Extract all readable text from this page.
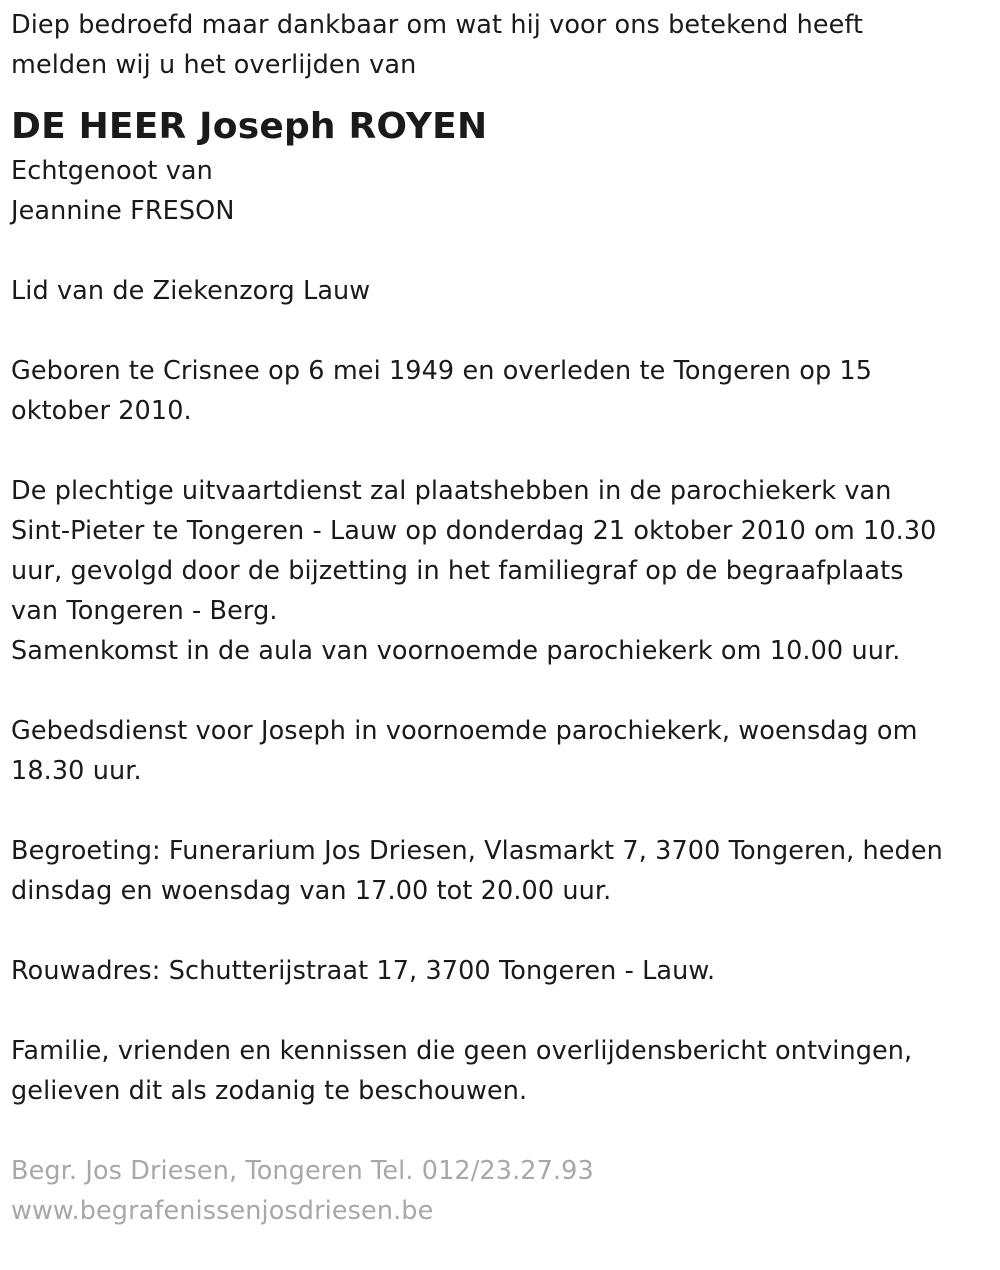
Diep bedroefd maar dankbaar om wat hij voor ons betekend heeft
melden wij u het overlijden van
DE HEER Joseph ROYEN
Echtgenoot van
Jeannine FRESON
Lid van de Ziekenzorg Lauw
Geboren te Crisnee op 6 mei 1949 en overleden te Tongeren op 15
oktober 2010.
De plechtige uitvaartdienst zal plaatshebben in de parochiekerk van
Sint-Pieter te Tongeren - Lauw op donderdag 21 oktober 2010 om 10.30
uur, gevolgd door de bijzetting in het familiegraf op de begraafplaats
van Tongeren - Berg.
Samenkomst in de aula van voornoemde parochiekerk om 10.00 uur.
Gebedsdienst voor Joseph in voornoemde parochiekerk, woensdag om
18.30 uur.
Begroeting: Funerarium Jos Driesen, Vlasmarkt 7, 3700 Tongeren, heden
dinsdag en woensdag van 17.00 tot 20.00 uur.
Rouwadres: Schutterijstraat 17, 3700 Tongeren - Lauw.
Familie, vrienden en kennissen die geen overlijdensbericht ontvingen,
gelieven dit als zodanig te beschouwen.
Begr. Jos Driesen, Tongeren Tel. 012/23.27.93
www.begrafenissenjosdriesen.be
